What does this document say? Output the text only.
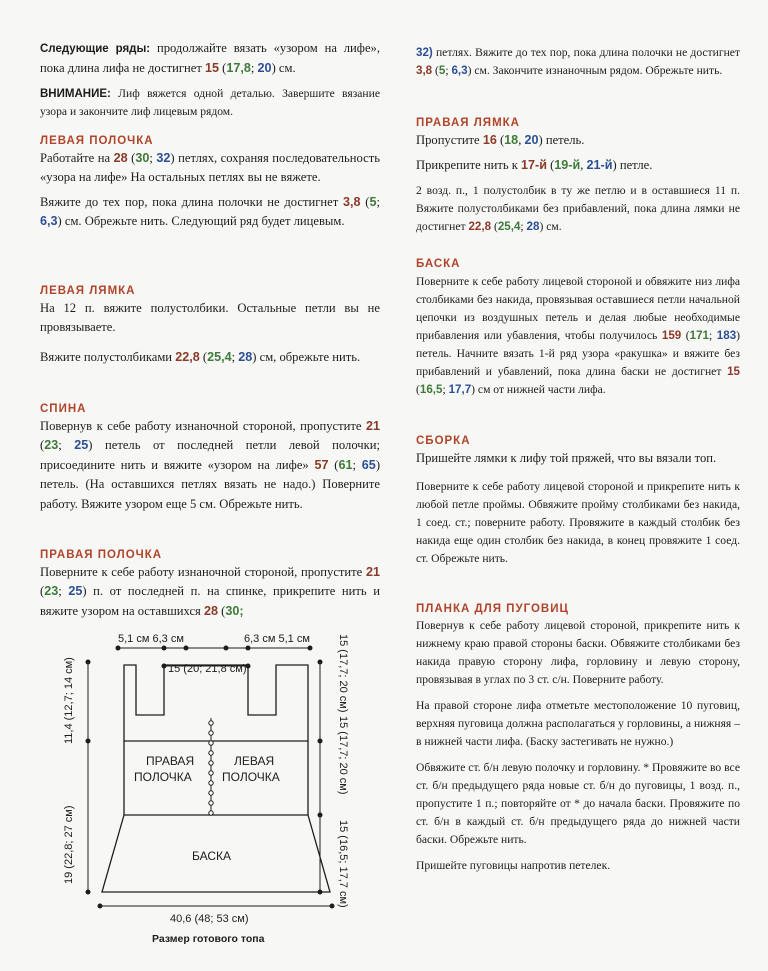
Следующие ряды: продолжайте вязать «узором на лифе», пока длина лифа не достигнет 15 (17,8; 20) см.

ВНИМАНИЕ: Лиф вяжется одной деталью. Завершите вязание узора и закончите лиф лицевым рядом.

ЛЕВАЯ ПОЛОЧКА

Работайте на 28 (30; 32) петлях, сохраняя последовательность «узора на лифе» На остальных петлях вы не вяжете.

Вяжите до тех пор, пока длина полочки не достигнет 3,8 (5; 6,3) см. Обрежьте нить. Следующий ряд будет лицевым.

ЛЕВАЯ ЛЯМКА

На 12 п. вяжите полустолбики. Остальные петли вы не провязываете.

Вяжите полустолбиками 22,8 (25,4; 28) см, обрежьте нить.

СПИНА

Повернув к себе работу изнаночной стороной, пропустите 21 (23; 25) петель от последней петли левой полочки; присоедините нить и вяжите «узором на лифе» 57 (61; 65) петель. (На оставшихся петлях вязать не надо.) Поверните работу. Вяжите узором еще 5 см. Обрежьте нить.

ПРАВАЯ ПОЛОЧКА

Поверните к себе работу изнаночной стороной, пропустите 21 (23; 25) п. от последней п. на спинке, прикрепите нить и вяжите узором на оставшихся 28 (30;

5,1 см 6,3 см	6,3 см 5,1 см
15 (20; 21,8 см)
11,4 (12,7; 14 см)
19 (22,8; 27 см)
15 (17,7; 20 см)
15 (17,7; 20 см)
15 (16,5; 17,7 см)
ПРАВАЯ
ПОЛОЧКА
ЛЕВАЯ
ПОЛОЧКА
БАСКА
40,6 (48; 53 см)
Размер готового топа

32) петлях. Вяжите до тех пор, пока длина полочки не достигнет 3,8 (5; 6,3) см. Закончите изнаночным рядом. Обрежьте нить.

ПРАВАЯ ЛЯМКА

Пропустите 16 (18, 20) петель.

Прикрепите нить к 17-й (19-й, 21-й) петле.

2 возд. п., 1 полустолбик в ту же петлю и в оставшиеся 11 п. Вяжите полустолбиками без прибавлений, пока длина лямки не достигнет 22,8 (25,4; 28) см.

БАСКА

Поверните к себе работу лицевой стороной и обвяжите низ лифа столбиками без накида, провязывая оставшиеся петли начальной цепочки из воздушных петель и делая любые необходимые прибавления или убавления, чтобы получилось 159 (171; 183) петель. Начните вязать 1-й ряд узора «ракушка» и вяжите без прибавлений и убавлений, пока длина баски не достигнет 15 (16,5; 17,7) см от нижней части лифа.

СБОРКА

Пришейте лямки к лифу той пряжей, что вы вязали топ.

Поверните к себе работу лицевой стороной и прикрепите нить к любой петле проймы. Обвяжите пройму столбиками без накида, 1 соед. ст.; поверните работу. Провяжите в каждый столбик без накида еще один столбик без накида, в конец провяжите 1 соед. ст. Обрежьте нить.

ПЛАНКА ДЛЯ ПУГОВИЦ

Повернув к себе работу лицевой стороной, прикрепите нить к нижнему краю правой стороны баски. Обвяжите столбиками без накида правую сторону лифа, горловину и левую сторону, провязывая в углах по 3 ст. с/н. Поверните работу.

На правой стороне лифа отметьте местоположение 10 пуговиц, верхняя пуговица должна располагаться у горловины, а нижняя – в нижней части лифа. (Баску застегивать не нужно.)

Обвяжите ст. б/н левую полочку и горловину. * Провяжите во все ст. б/н предыдущего ряда новые ст. б/н до пуговицы, 1 возд. п., пропустите 1 п.; повторяйте от * до начала баски. Провяжите по ст. б/н в каждый ст. б/н предыдущего ряда до нижней части баски. Обрежьте нить.

Пришейте пуговицы напротив петелек.
